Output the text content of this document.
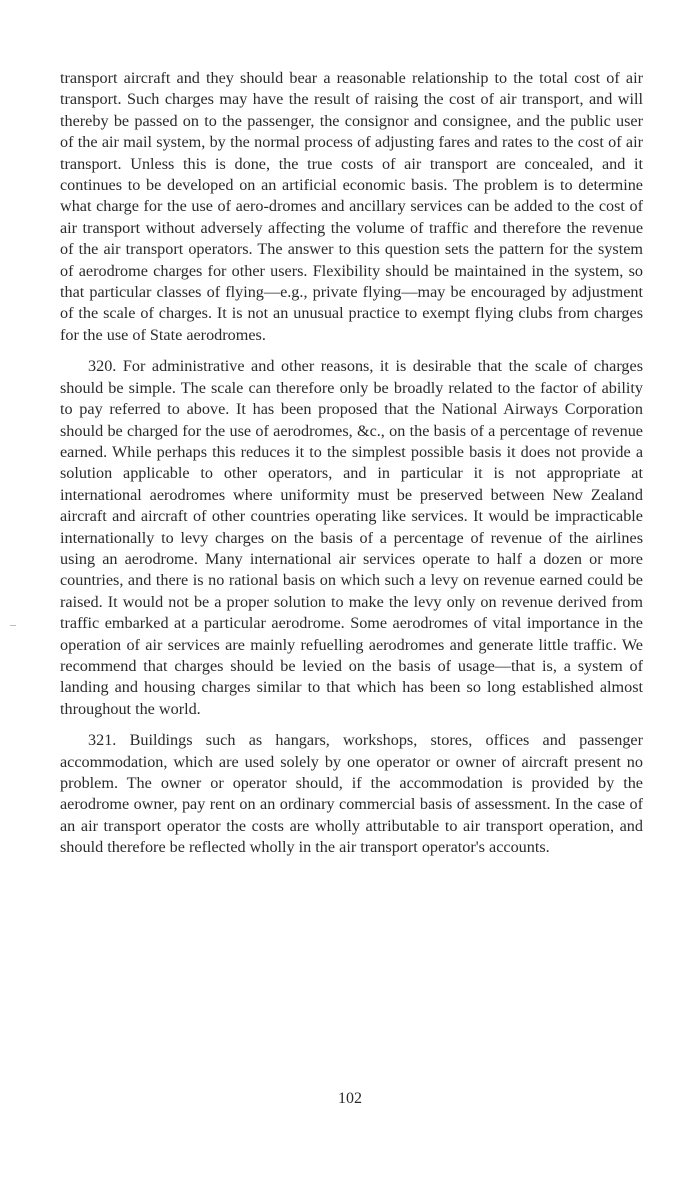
transport aircraft and they should bear a reasonable relationship to the total cost of air transport. Such charges may have the result of raising the cost of air transport, and will thereby be passed on to the passenger, the consignor and consignee, and the public user of the air mail system, by the normal process of adjusting fares and rates to the cost of air transport. Unless this is done, the true costs of air transport are concealed, and it continues to be developed on an artificial economic basis. The problem is to determine what charge for the use of aero-dromes and ancillary services can be added to the cost of air transport without adversely affecting the volume of traffic and therefore the revenue of the air transport operators. The answer to this question sets the pattern for the system of aerodrome charges for other users. Flexibility should be maintained in the system, so that particular classes of flying—e.g., private flying—may be encouraged by adjustment of the scale of charges. It is not an unusual practice to exempt flying clubs from charges for the use of State aerodromes.

320. For administrative and other reasons, it is desirable that the scale of charges should be simple. The scale can therefore only be broadly related to the factor of ability to pay referred to above. It has been proposed that the National Airways Corporation should be charged for the use of aerodromes, &c., on the basis of a percentage of revenue earned. While perhaps this reduces it to the simplest possible basis it does not provide a solution applicable to other operators, and in particular it is not appropriate at international aerodromes where uniformity must be preserved between New Zealand aircraft and aircraft of other countries operating like services. It would be impracticable internationally to levy charges on the basis of a percentage of revenue of the airlines using an aerodrome. Many international air services operate to half a dozen or more countries, and there is no rational basis on which such a levy on revenue earned could be raised. It would not be a proper solution to make the levy only on revenue derived from traffic embarked at a particular aerodrome. Some aerodromes of vital importance in the operation of air services are mainly refuelling aerodromes and generate little traffic. We recommend that charges should be levied on the basis of usage—that is, a system of landing and housing charges similar to that which has been so long established almost throughout the world.

321. Buildings such as hangars, workshops, stores, offices and passenger accommodation, which are used solely by one operator or owner of aircraft present no problem. The owner or operator should, if the accommodation is provided by the aerodrome owner, pay rent on an ordinary commercial basis of assessment. In the case of an air transport operator the costs are wholly attributable to air transport operation, and should therefore be reflected wholly in the air transport operator's accounts.

102
